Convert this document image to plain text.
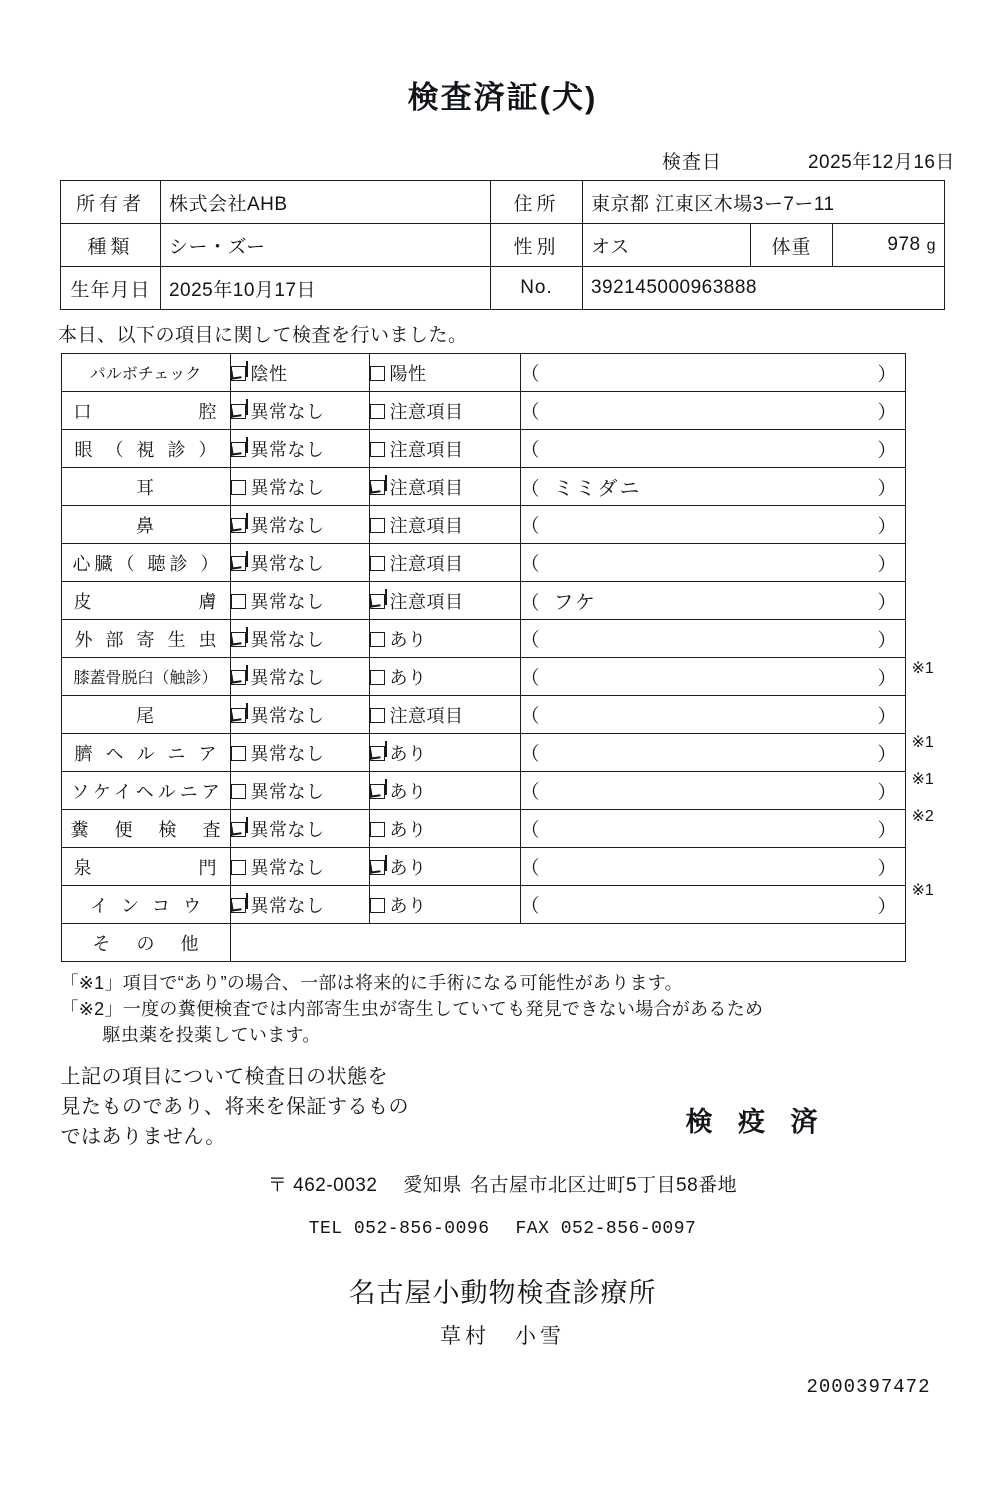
検査済証(犬)
検査日	2025年12月16日
所有者	株式会社AHB	住所	東京都 江東区木場3ー7ー11		
種類	シー・ズー	性別	オス	体重	978 g
生年月日	2025年10月17日	No.	392145000963888		
本日、以下の項目に関して検査を行いました。
パルボチェック	陰性	陽性	（ ）

口　　　　腔	異常なし	注意項目	（ ）

眼 （ 視 診 ）	異常なし	注意項目	（ ）

耳	異常なし	注意項目	（ ミミダニ ）

鼻	異常なし	注意項目	（ ）

心臓（ 聴診 ）	異常なし	注意項目	（ ）

皮　　　　膚	異常なし	注意項目	（ フケ ）

外 部 寄 生 虫	異常なし	あり	（ ）

膝蓋骨脱臼（触診）	異常なし	あり	（ ）

尾	異常なし	注意項目	（ ）

臍 ヘ ル ニ ア	異常なし	あり	（ ）

ソケイヘルニア	異常なし	あり	（ ）

糞　便　検　査	異常なし	あり	（ ）

泉　　　　門	異常なし	あり	（ ）

イ ン コ ウ	異常なし	あり	（ ）

そ　の　他			
※1
※1
※1
※2
※1
「※1」項目で“あり”の場合、一部は将来的に手術になる可能性があります。
「※2」一度の糞便検査では内部寄生虫が寄生していても発見できない場合があるため
駆虫薬を投薬しています。
上記の項目について検査日の状態を
見たものであり、将来を保証するもの
ではありません。	検 疫 済
〒 462-0032 愛知県 名古屋市北区辻町5丁目58番地
TEL 052-856-0096 FAX 052-856-0097
名古屋小動物検査診療所
草村　小雪
2000397472
